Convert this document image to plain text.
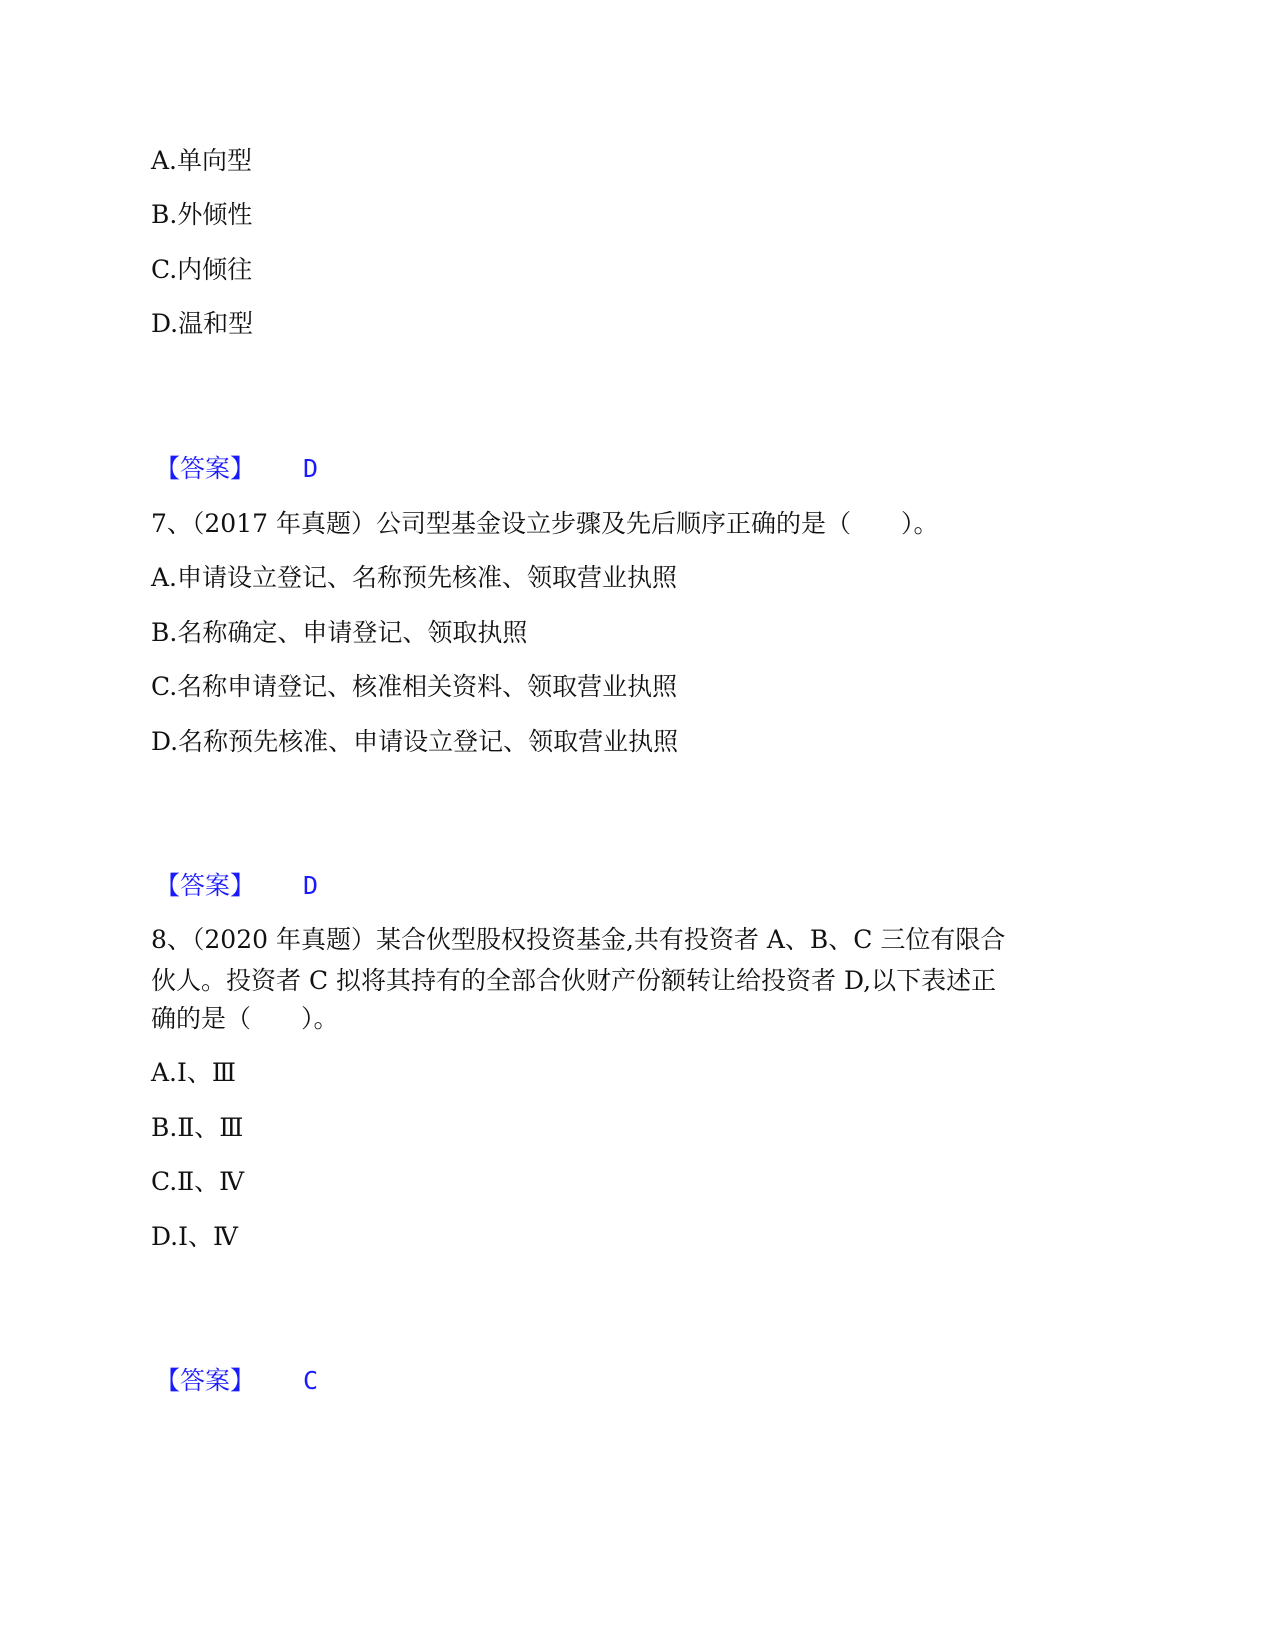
A.单向型
B.外倾性
C.内倾往
D.温和型
【答案】 D
7、（2017 年真题）公司型基金设立步骤及先后顺序正确的是（　　）。
A.申请设立登记、名称预先核准、领取营业执照
B.名称确定、申请登记、领取执照
C.名称申请登记、核准相关资料、领取营业执照
D.名称预先核准、申请设立登记、领取营业执照
【答案】 D
8、（2020 年真题）某合伙型股权投资基金,共有投资者 A、B、C 三位有限合
伙人。投资者 C 拟将其持有的全部合伙财产份额转让给投资者 D,以下表述正
确的是（　　）。
A.Ⅰ、Ⅲ
B.Ⅱ、Ⅲ
C.Ⅱ、Ⅳ
D.Ⅰ、Ⅳ
【答案】 C
